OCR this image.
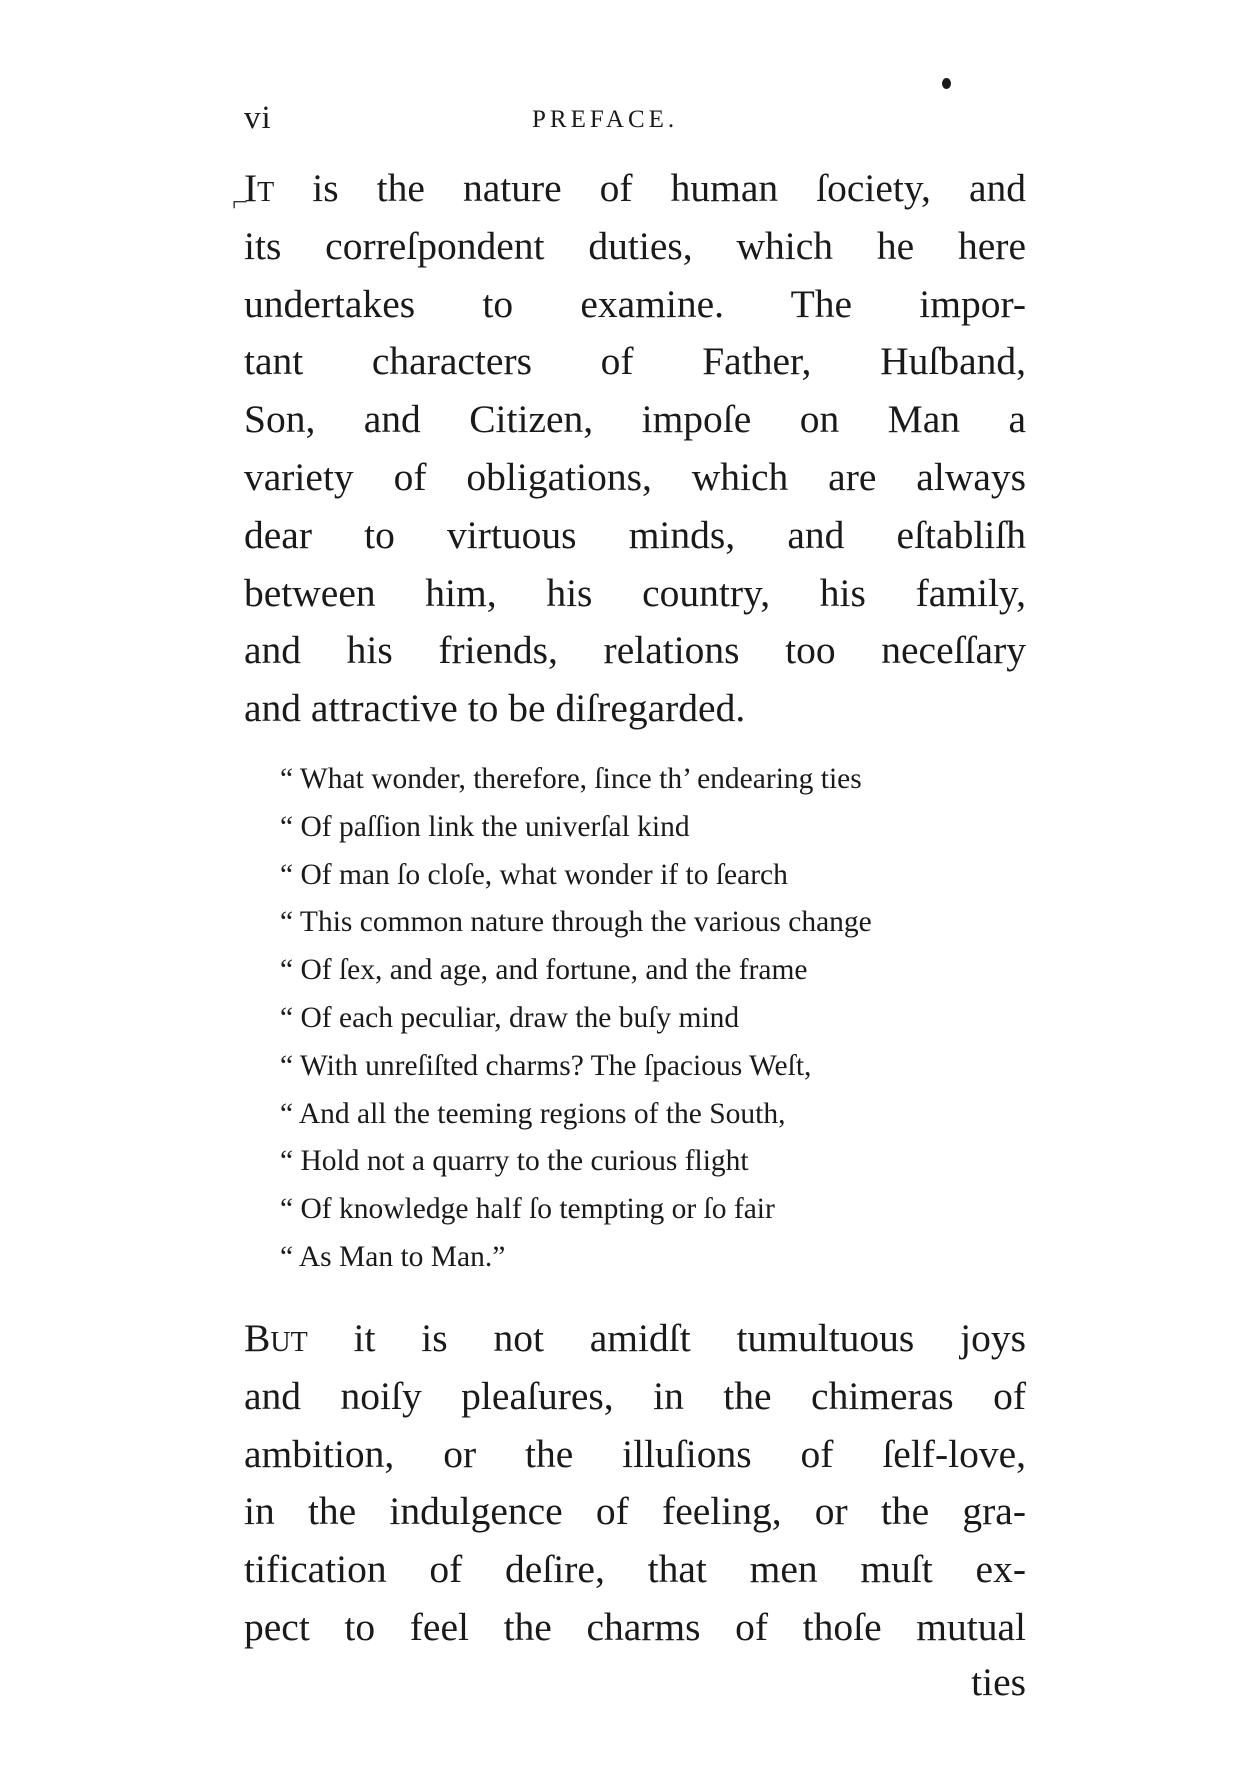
vi	PREFACE.
⌐
It is the nature of human ſociety, and
its correſpondent duties, which he here
undertakes to examine. The impor-
tant characters of Father, Huſband,
Son, and Citizen, impoſe on Man a
variety of obligations, which are always
dear to virtuous minds, and eſtabliſh
between him, his country, his family,
and his friends, relations too neceſſary
and attractive to be diſregarded.
“ What wonder, therefore, ſince th’ endearing ties
“ Of paſſion link the univerſal kind
“ Of man ſo cloſe, what wonder if to ſearch
“ This common nature through the various change
“ Of ſex, and age, and fortune, and the frame
“ Of each peculiar, draw the buſy mind
“ With unreſiſted charms? The ſpacious Weſt,
“ And all the teeming regions of the South,
“ Hold not a quarry to the curious flight
“ Of knowledge half ſo tempting or ſo fair
“ As Man to Man.”
But it is not amidſt tumultuous joys
and noiſy pleaſures, in the chimeras of
ambition, or the illuſions of ſelf-love,
in the indulgence of feeling, or the gra-
tification of deſire, that men muſt ex-
pect to feel the charms of thoſe mutual
ties
